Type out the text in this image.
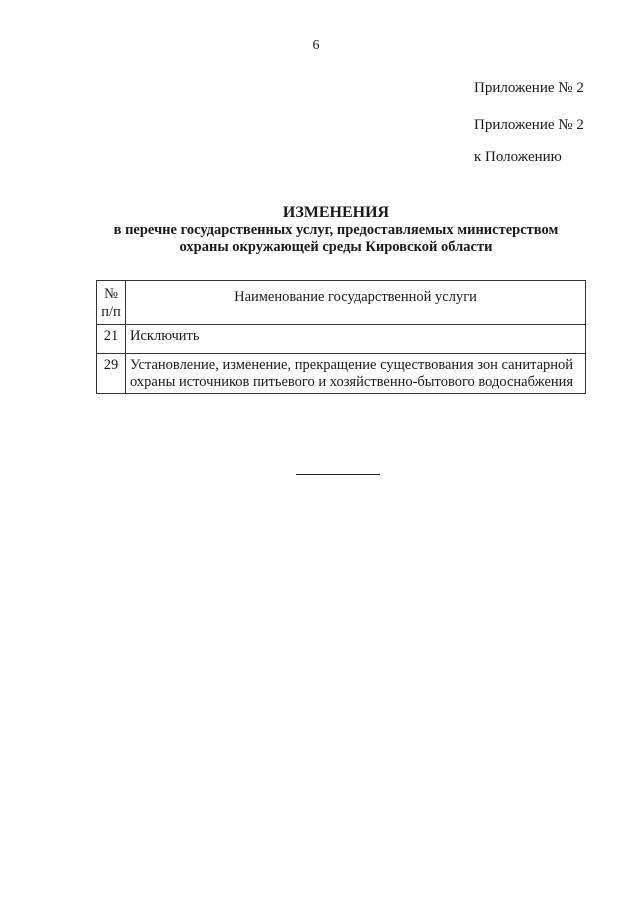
6
Приложение № 2
Приложение № 2
к Положению
ИЗМЕНЕНИЯ
в перечне государственных услуг, предоставляемых министерством
охраны окружающей среды Кировской области
№ п/п	Наименование государственной услуги
21	Исключить
29	Установление, изменение, прекращение существования зон санитарной охраны источников питьевого и хозяйственно-бытового водоснабжения
